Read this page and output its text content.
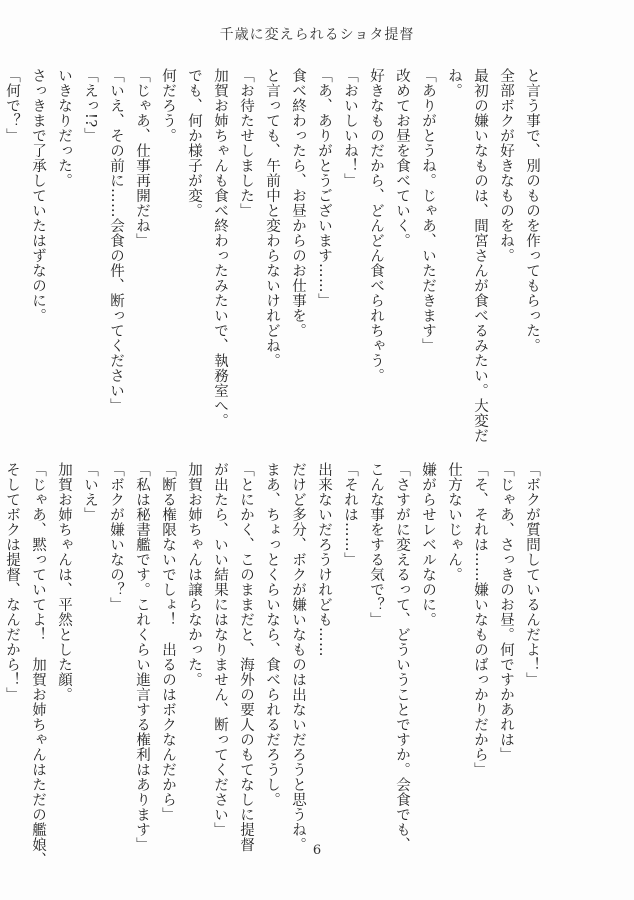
千歳に変えられるショタ提督
と言う事で、別のものを作ってもらった。
全部ボクが好きなものをね。
最初の嫌いなものは、間宮さんが食べるみたい。大変だ
ね。
「ありがとうね。じゃあ、いただきます」
改めてお昼を食べていく。
好きなものだから、どんどん食べられちゃう。
「おいしいね！」
「あ、ありがとうございます……」
食べ終わったら、お昼からのお仕事を。
と言っても、午前中と変わらないけれどね。
「お待たせしました」
加賀お姉ちゃんも食べ終わったみたいで、執務室へ。
でも、何か様子が変。
何だろう。
「じゃあ、仕事再開だね」
「いえ、その前に……会食の件、断ってください」
「えっ!?」
いきなりだった。
さっきまで了承していたはずなのに。
「何で？」
「ボクが質問しているんだよ！」
「じゃあ、さっきのお昼。何ですかあれは」
「そ、それは……嫌いなものばっかりだから」
仕方ないじゃん。
嫌がらせレベルなのに。
「さすがに変えるって、どういうことですか。会食でも、
こんな事をする気で？」
「それは……」
出来ないだろうけれども……
だけど多分、ボクが嫌いなものは出ないだろうと思うね。
まあ、ちょっとくらいなら、食べられるだろうし。
「とにかく、このままだと、海外の要人のもてなしに提督
が出たら、いい結果にはなりません、断ってください」
加賀お姉ちゃんは譲らなかった。
「断る権限ないでしょ！　出るのはボクなんだから」
「私は秘書艦です。これくらい進言する権利はあります」
「ボクが嫌いなの？」
「いえ」
加賀お姉ちゃんは、平然とした顔。
「じゃあ、黙っていてよ！　加賀お姉ちゃんはただの艦娘、
そしてボクは提督、なんだから！」
6
